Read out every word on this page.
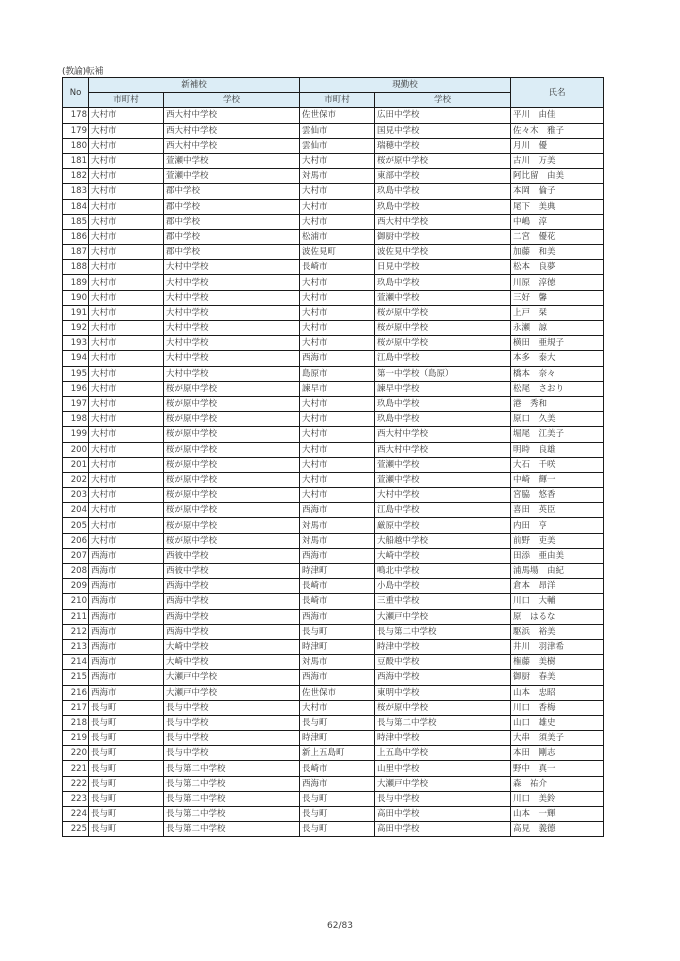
(教諭)転補
No	新補校		現勤校		氏名
	市町村	学校	市町村	学校	
178	大村市	西大村中学校	佐世保市	広田中学校	平川　由佳
179	大村市	西大村中学校	雲仙市	国見中学校	佐々木　雅子
180	大村市	西大村中学校	雲仙市	瑞穂中学校	月川　優
181	大村市	萱瀬中学校	大村市	桜が原中学校	古川　万美
182	大村市	萱瀬中学校	対馬市	東部中学校	阿比留　由美
183	大村市	郡中学校	大村市	玖島中学校	本岡　倫子
184	大村市	郡中学校	大村市	玖島中学校	尾下　美典
185	大村市	郡中学校	大村市	西大村中学校	中嶋　淳
186	大村市	郡中学校	松浦市	御厨中学校	二宮　優花
187	大村市	郡中学校	波佐見町	波佐見中学校	加藤　和美
188	大村市	大村中学校	長崎市	日見中学校	松本　良夢
189	大村市	大村中学校	大村市	玖島中学校	川原　淳徳
190	大村市	大村中学校	大村市	萱瀬中学校	三好　馨
191	大村市	大村中学校	大村市	桜が原中学校	上戸　栞
192	大村市	大村中学校	大村市	桜が原中学校	永瀬　諒
193	大村市	大村中学校	大村市	桜が原中学校	横田　亜規子
194	大村市	大村中学校	西海市	江島中学校	本多　泰大
195	大村市	大村中学校	島原市	第一中学校（島原）	橋本　奈々
196	大村市	桜が原中学校	諫早市	諫早中学校	松尾　さおり
197	大村市	桜が原中学校	大村市	玖島中学校	港　秀和
198	大村市	桜が原中学校	大村市	玖島中学校	原口　久美
199	大村市	桜が原中学校	大村市	西大村中学校	堀尾　江美子
200	大村市	桜が原中学校	大村市	西大村中学校	明時　良雄
201	大村市	桜が原中学校	大村市	萱瀬中学校	大石　千咲
202	大村市	桜が原中学校	大村市	萱瀬中学校	中崎　輝一
203	大村市	桜が原中学校	大村市	大村中学校	宮脇　悠香
204	大村市	桜が原中学校	西海市	江島中学校	喜田　英臣
205	大村市	桜が原中学校	対馬市	厳原中学校	内田　亨
206	大村市	桜が原中学校	対馬市	大船越中学校	前野　吏美
207	西海市	西彼中学校	西海市	大崎中学校	田添　亜由美
208	西海市	西彼中学校	時津町	鳴北中学校	浦馬場　由紀
209	西海市	西海中学校	長崎市	小島中学校	倉本　昂洋
210	西海市	西海中学校	長崎市	三重中学校	川口　大輔
211	西海市	西海中学校	西海市	大瀬戸中学校	原　はるな
212	西海市	西海中学校	長与町	長与第二中学校	駆浜　裕美
213	西海市	大崎中学校	時津町	時津中学校	井川　羽津希
214	西海市	大崎中学校	対馬市	豆酘中学校	権藤　美樹
215	西海市	大瀬戸中学校	西海市	西海中学校	御厨　春美
216	西海市	大瀬戸中学校	佐世保市	東明中学校	山本　忠昭
217	長与町	長与中学校	大村市	桜が原中学校	川口　香梅
218	長与町	長与中学校	長与町	長与第二中学校	山口　雄史
219	長与町	長与中学校	時津町	時津中学校	大串　須美子
220	長与町	長与中学校	新上五島町	上五島中学校	本田　剛志
221	長与町	長与第二中学校	長崎市	山里中学校	野中　真一
222	長与町	長与第二中学校	西海市	大瀬戸中学校	森　祐介
223	長与町	長与第二中学校	長与町	長与中学校	川口　美鈴
224	長与町	長与第二中学校	長与町	高田中学校	山本　一輝
225	長与町	長与第二中学校	長与町	高田中学校	高見　義德
62/83
